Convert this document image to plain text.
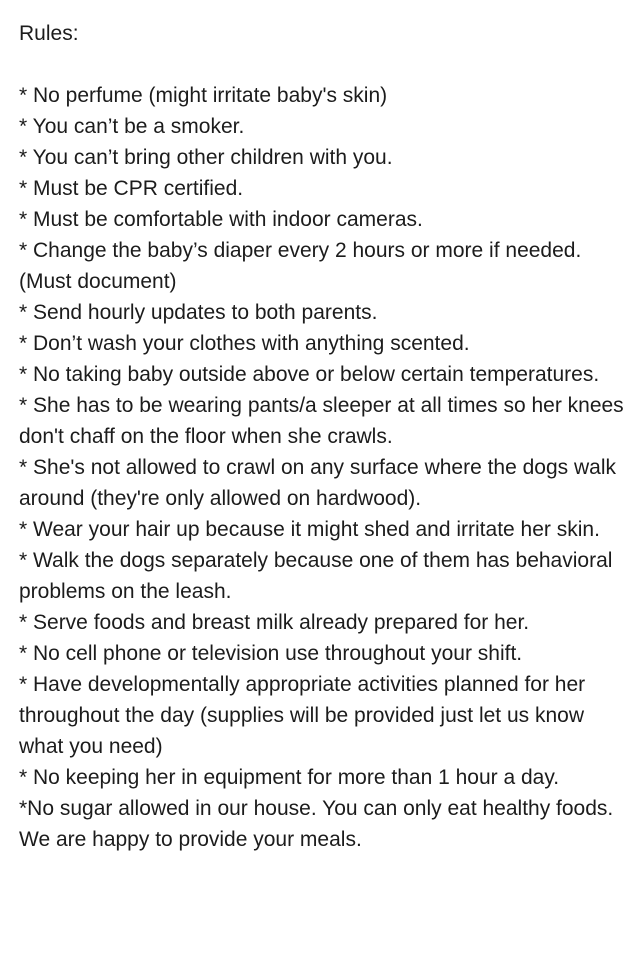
Rules:

* No perfume (might irritate baby's skin)
* You can’t be a smoker.
* You can’t bring other children with you.
* Must be CPR certified.
* Must be comfortable with indoor cameras.
* Change the baby’s diaper every 2 hours or more if needed. (Must document)
* Send hourly updates to both parents.
* Don’t wash your clothes with anything scented.
* No taking baby outside above or below certain temperatures.
* She has to be wearing pants/a sleeper at all times so her knees don't chaff on the floor when she crawls.
* She's not allowed to crawl on any surface where the dogs walk around (they're only allowed on hardwood).
* Wear your hair up because it might shed and irritate her skin.
* Walk the dogs separately because one of them has behavioral problems on the leash.
* Serve foods and breast milk already prepared for her.
* No cell phone or television use throughout your shift.
* Have developmentally appropriate activities planned for her throughout the day (supplies will be provided just let us know what you need)
* No keeping her in equipment for more than 1 hour a day.
*No sugar allowed in our house. You can only eat healthy foods. We are happy to provide your meals.
